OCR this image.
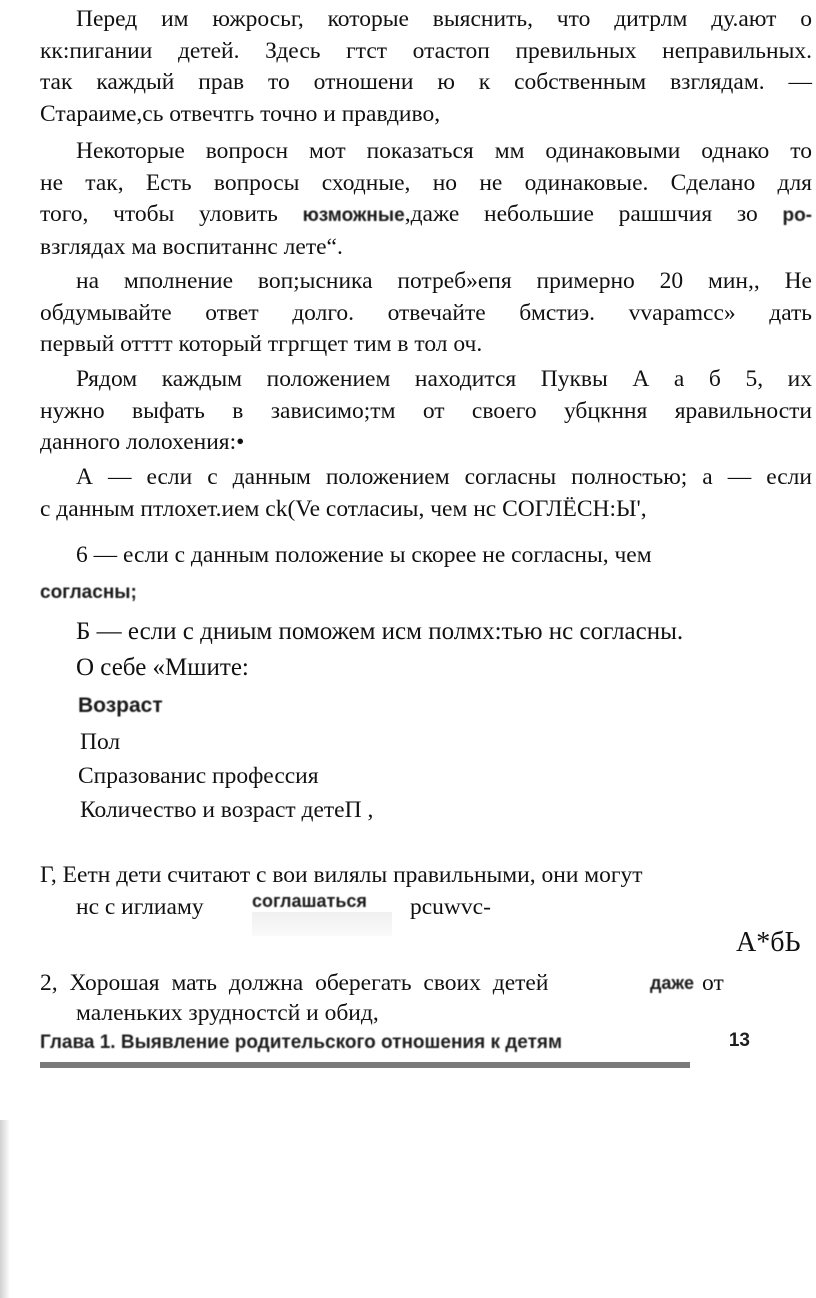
Перед им южросьг, которые выяснить, что дитрлм ду.ают о
кк:пигании детей. Здесь гтст отастоп превильных неправильных.
так каждый прав то отношени ю к собственным взглядам. —
Стараиме,сь отвечтгь точно и правдиво,
Некоторые вопросн мот показаться мм одинаковыми однако то
не так, Есть вопросы сходные, но не одинаковые. Сделано для
того, чтобы уловить юзможные,даже небольшие рашшчия зо ро-
взглядах ма воспитаннс лете“.
на мполнение воп;ысника потреб»епя примерно 20 мин,, Не
обдумывайте ответ долго. отвечайте бмстиэ. vvapamcc» дать
первый отттт который тгргщет тим в тол оч.
Рядом каждым положением находится Пуквы А а б 5, их
нужно выфать в зависимо;тм от своего убцкння яравильности
данного лолохения:•
А — если с данным положением согласны полностью; а — если
с данным птлохет.ием ck(Ve сотласиы, чем нс СОГЛЁСН:Ы',
6 — если с данным положение ы скорее не согласны, чем
согласны;
Б — если с дниым поможем исм полмх:тью нс согласны.
О себе «Мшите:
Возраст
Пол
Спразованис профессия
Количество и возраст детеП ,
Г, Еетн дети считают с вои вилялы правильными, они могут
нс с иглиаму	соглашаться pcuwvc-
А*бЬ
2, Хорошая мать должна оберегать своих детей	даже от
маленьких зрудностсй и обид,
Глава 1. Выявление родительского отношения к детям	13
